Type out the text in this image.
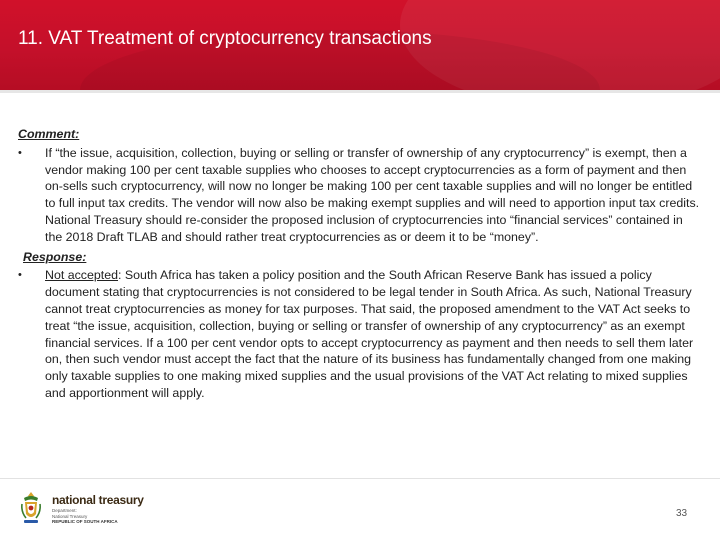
11. VAT Treatment of cryptocurrency transactions

Comment:

• If “the issue, acquisition, collection, buying or selling or transfer of ownership of any cryptocurrency” is exempt, then a vendor making 100 per cent taxable supplies who chooses to accept cryptocurrencies as a form of payment and then on-sells such cryptocurrency, will now no longer be making 100 per cent taxable supplies and will no longer be entitled to full input tax credits. The vendor will now also be making exempt supplies and will need to apportion input tax credits. National Treasury should re-consider the proposed inclusion of cryptocurrencies into “financial services” contained in the 2018 Draft TLAB and should rather treat cryptocurrencies as or deem it to be “money”.

Response:

• Not accepted: South Africa has taken a policy position and the South African Reserve Bank has issued a policy document stating that cryptocurrencies is not considered to be legal tender in South Africa. As such, National Treasury cannot treat cryptocurrencies as money for tax purposes. That said, the proposed amendment to the VAT Act seeks to treat “the issue, acquisition, collection, buying or selling or transfer of ownership of any cryptocurrency” as an exempt financial services. If a 100 per cent vendor opts to accept cryptocurrency as payment and then needs to sell them later on, then such vendor must accept the fact that the nature of its business has fundamentally changed from one making only taxable supplies to one making mixed supplies and the usual provisions of the VAT Act relating to mixed supplies and apportionment will apply.
national treasury
Department:
National Treasury
REPUBLIC OF SOUTH AFRICA
33
